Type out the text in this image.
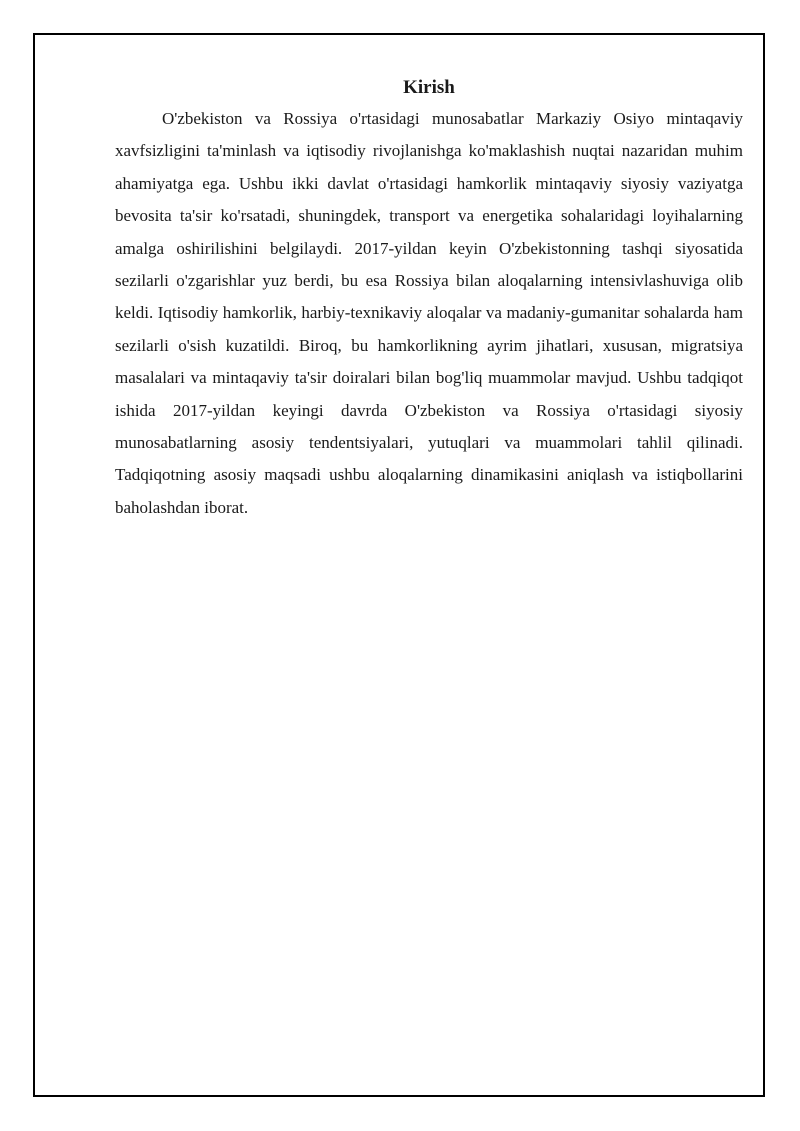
Kirish

O'zbekiston va Rossiya o'rtasidagi munosabatlar Markaziy Osiyo mintaqaviy xavfsizligini ta'minlash va iqtisodiy rivojlanishga ko'maklashish nuqtai nazaridan muhim ahamiyatga ega. Ushbu ikki davlat o'rtasidagi hamkorlik mintaqaviy siyosiy vaziyatga bevosita ta'sir ko'rsatadi, shuningdek, transport va energetika sohalaridagi loyihalarning amalga oshirilishini belgilaydi. 2017-yildan keyin O'zbekistonning tashqi siyosatida sezilarli o'zgarishlar yuz berdi, bu esa Rossiya bilan aloqalarning intensivlashuviga olib keldi. Iqtisodiy hamkorlik, harbiy-texnikaviy aloqalar va madaniy-gumanitar sohalarda ham sezilarli o'sish kuzatildi. Biroq, bu hamkorlikning ayrim jihatlari, xususan, migratsiya masalalari va mintaqaviy ta'sir doiralari bilan bog'liq muammolar mavjud. Ushbu tadqiqot ishida 2017-yildan keyingi davrda O'zbekiston va Rossiya o'rtasidagi siyosiy munosabatlarning asosiy tendentsiyalari, yutuqlari va muammolari tahlil qilinadi. Tadqiqotning asosiy maqsadi ushbu aloqalarning dinamikasini aniqlash va istiqbollarini baholashdan iborat.
